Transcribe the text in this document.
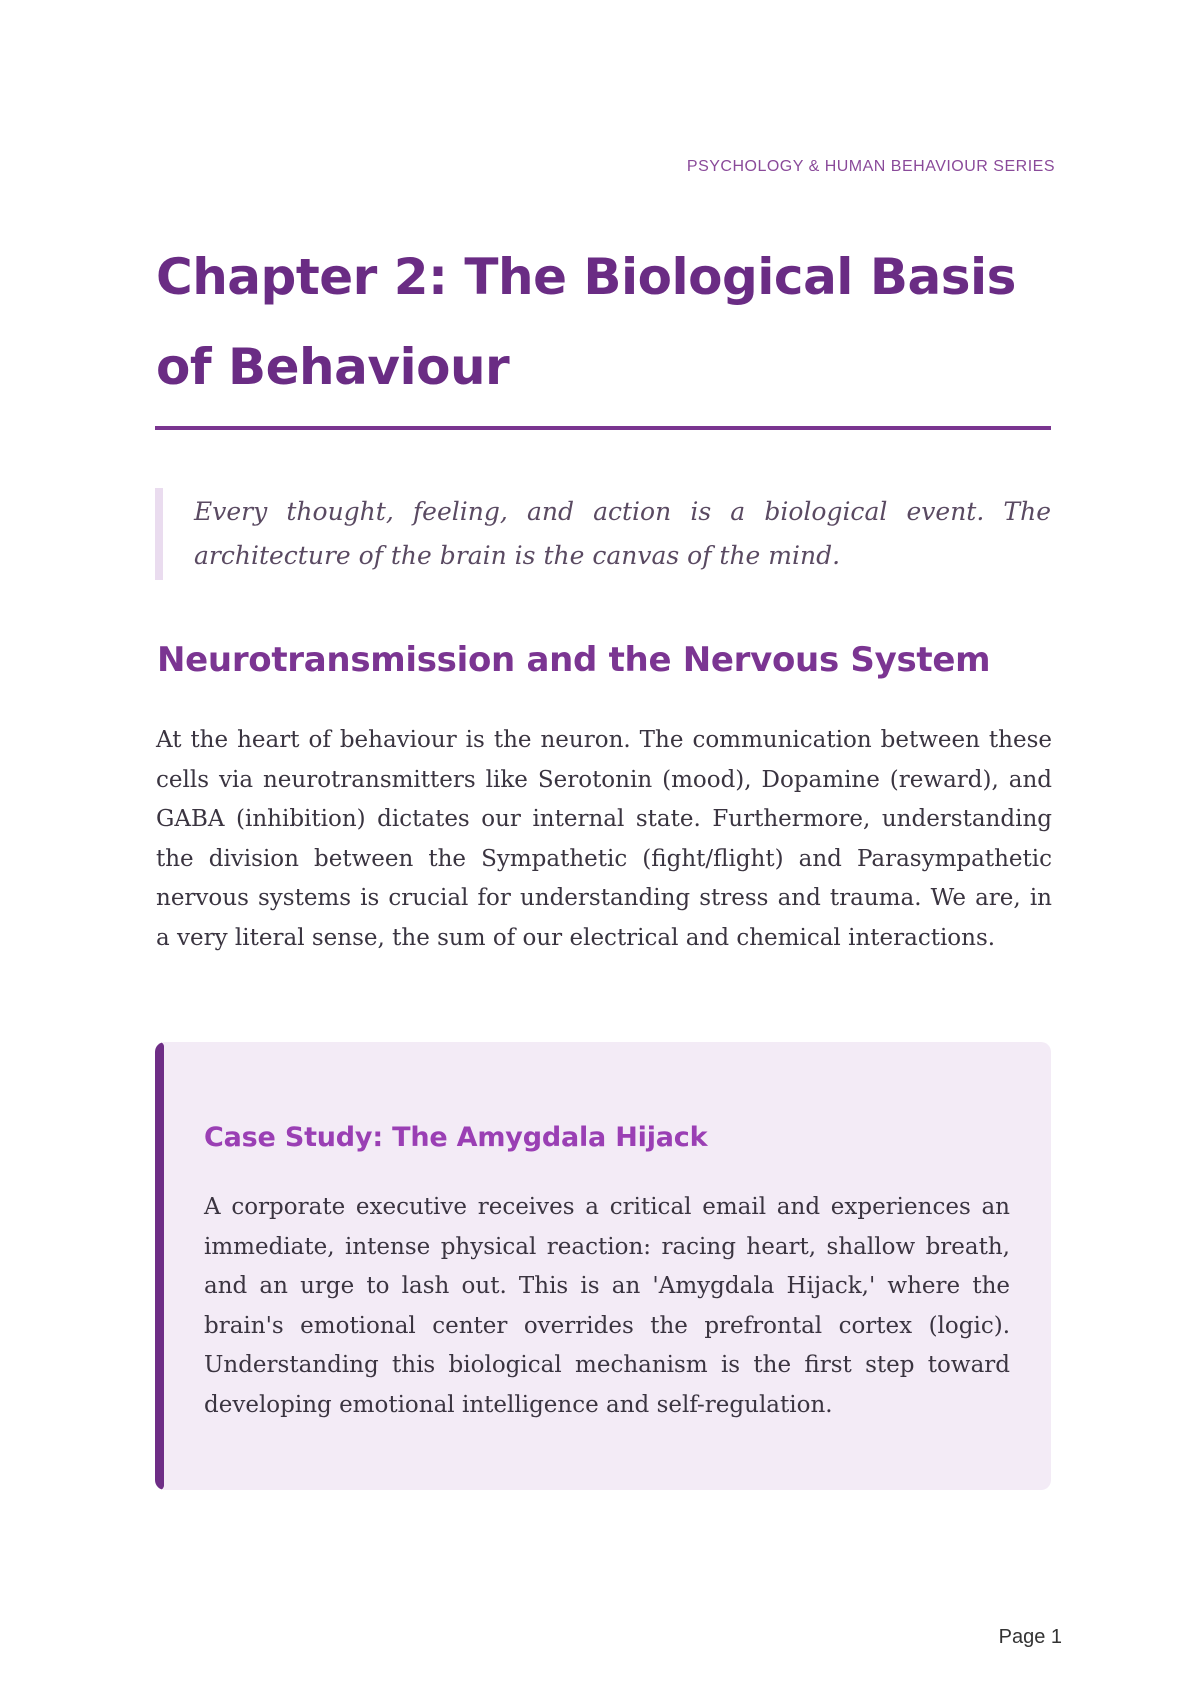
PSYCHOLOGY & HUMAN BEHAVIOUR SERIES
Chapter 2: The Biological Basis of Behaviour

Every thought, feeling, and action is a biological event. The architecture of the brain is the canvas of the mind.

Neurotransmission and the Nervous System

At the heart of behaviour is the neuron. The communication between these cells via neurotransmitters like Serotonin (mood), Dopamine (reward), and GABA (inhibition) dictates our internal state. Furthermore, understanding the division between the Sympathetic (fight/flight) and Parasympathetic nervous systems is crucial for understanding stress and trauma. We are, in a very literal sense, the sum of our electrical and chemical interactions.

Case Study: The Amygdala Hijack

A corporate executive receives a critical email and experiences an immediate, intense physical reaction: racing heart, shallow breath, and an urge to lash out. This is an 'Amygdala Hijack,' where the brain's emotional center overrides the prefrontal cortex (logic). Understanding this biological mechanism is the first step toward developing emotional intelligence and self-regulation.

Page 1
